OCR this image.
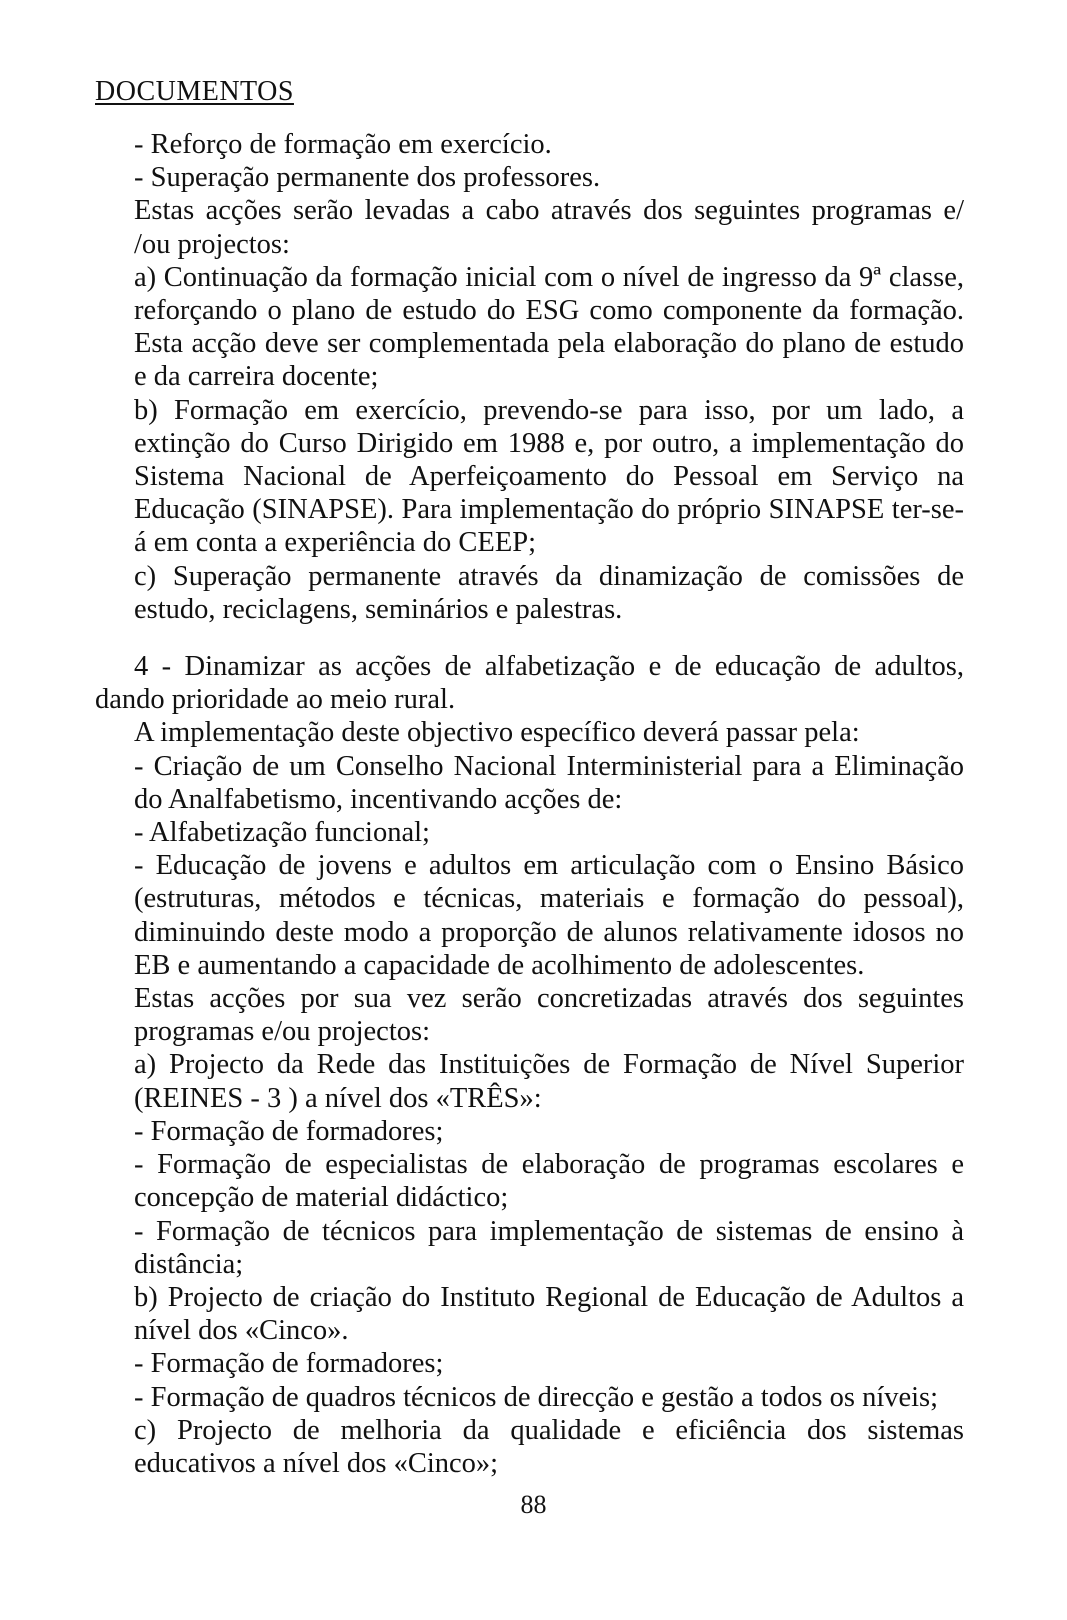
DOCUMENTOS

- Reforço de formação em exercício.

- Superação permanente dos professores.

Estas acções serão levadas a cabo através dos seguintes programas e/ /ou projectos:

a) Continuação da formação inicial com o nível de ingresso da 9ª classe, reforçando o plano de estudo do ESG como componente da formação. Esta acção deve ser complementada pela elaboração do plano de estudo e da carreira docente;

b) Formação em exercício, prevendo-se para isso, por um lado, a extinção do Curso Dirigido em 1988 e, por outro, a implementação do Sistema Nacional de Aperfeiçoamento do Pessoal em Serviço na Educação (SINAPSE). Para implementação do próprio SINAPSE ter-se-á em conta a experiência do CEEP;

c) Superação permanente através da dinamização de comissões de estudo, reciclagens, seminários e palestras.

4 - Dinamizar as acções de alfabetização e de educação de adultos, dando prioridade ao meio rural.

A implementação deste objectivo específico deverá passar pela:

- Criação de um Conselho Nacional Interministerial para a Eliminação do Analfabetismo, incentivando acções de:

- Alfabetização funcional;

- Educação de jovens e adultos em articulação com o Ensino Básico (estruturas, métodos e técnicas, materiais e formação do pessoal), diminuindo deste modo a proporção de alunos relativamente idosos no EB e aumentando a capacidade de acolhimento de adolescentes.

Estas acções por sua vez serão concretizadas através dos seguintes programas e/ou projectos:

a) Projecto da Rede das Instituições de Formação de Nível Superior (REINES - 3 ) a nível dos «TRÊS»:

- Formação de formadores;

- Formação de especialistas de elaboração de programas escolares e concepção de material didáctico;

- Formação de técnicos para implementação de sistemas de ensino à distância;

b) Projecto de criação do Instituto Regional de Educação de Adultos a nível dos «Cinco».

- Formação de formadores;

- Formação de quadros técnicos de direcção e gestão a todos os níveis;

c) Projecto de melhoria da qualidade e eficiência dos sistemas educativos a nível dos «Cinco»;

88
